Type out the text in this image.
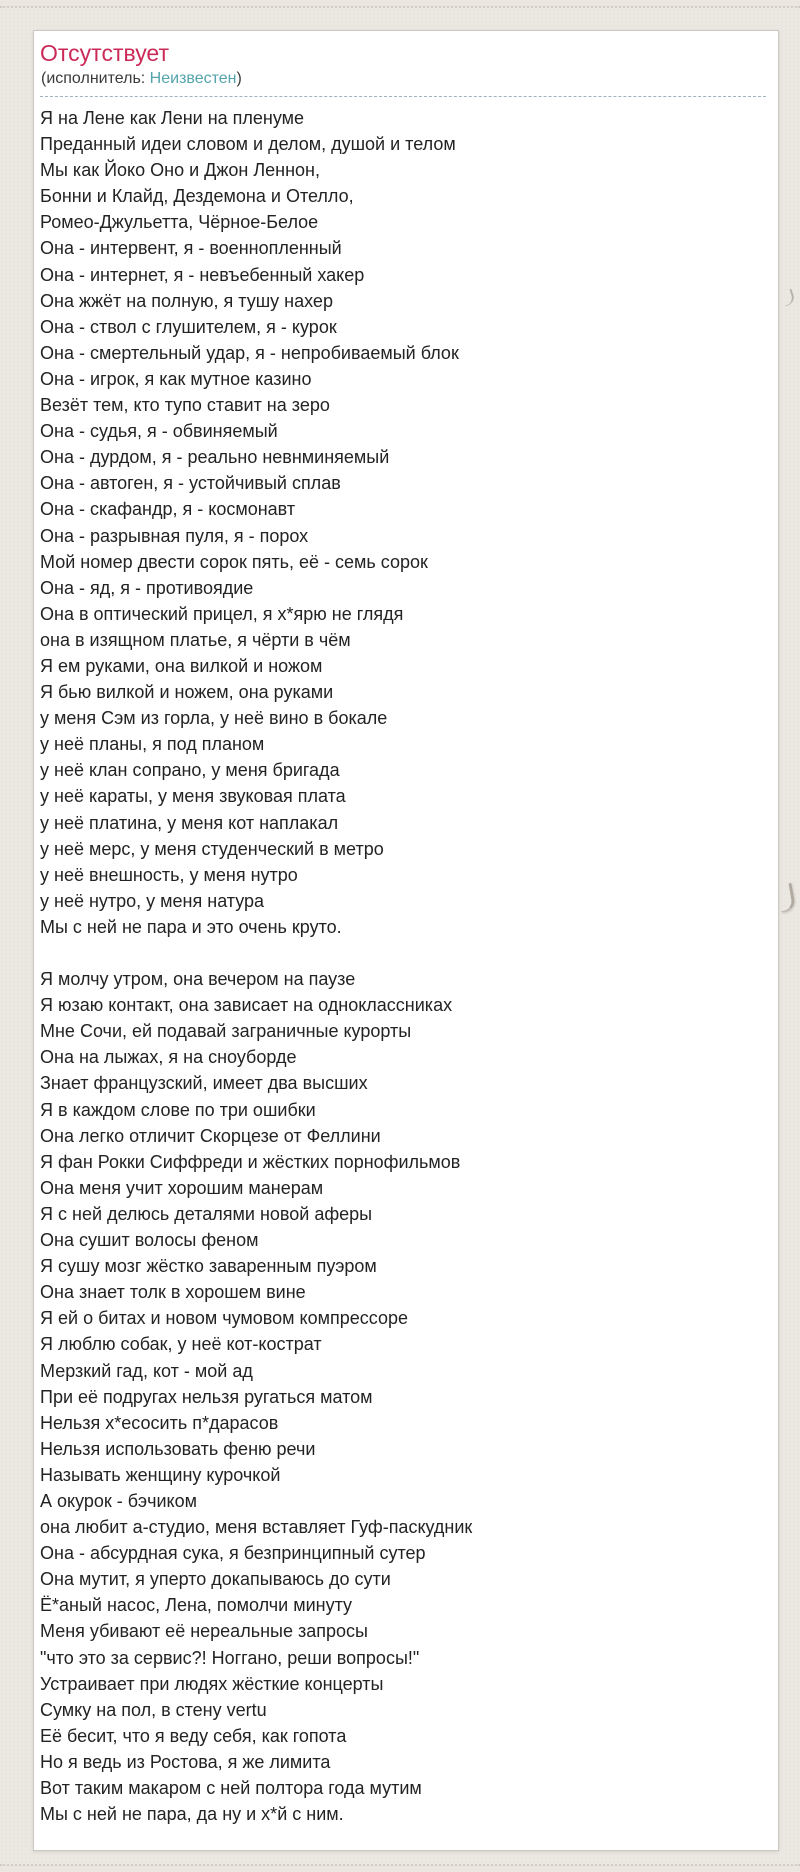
Отсутствует
(исполнитель: Неизвестен)
Я на Лене как Лени на пленуме
Преданный идеи словом и делом, душой и телом
Мы как Йоко Оно и Джон Леннон,
Бонни и Клайд, Дездемона и Отелло,
Ромео-Джульетта, Чёрное-Белое
Она - интервент, я - военнопленный
Она - интернет, я - невъебенный хакер
Она жжёт на полную, я тушу нахер
Она - ствол с глушителем, я - курок
Она - смертельный удар, я - непробиваемый блок
Она - игрок, я как мутное казино
Везёт тем, кто тупо ставит на зеро
Она - судья, я - обвиняемый
Она - дурдом, я - реально невнминяемый
Она - автоген, я - устойчивый сплав
Она - скафандр, я - космонавт
Она - разрывная пуля, я - порох
Мой номер двести сорок пять, её - семь сорок
Она - яд, я - противоядие
Она в оптический прицел, я х*ярю не глядя
она в изящном платье, я чёрти в чём
Я ем руками, она вилкой и ножом
Я бью вилкой и ножем, она руками
у меня Сэм из горла, у неё вино в бокале
у неё планы, я под планом
у неё клан сопрано, у меня бригада
у неё караты, у меня звуковая плата
у неё платина, у меня кот наплакал
у неё мерс, у меня студенческий в метро
у неё внешность, у меня нутро
у неё нутро, у меня натура
Мы с ней не пара и это очень круто.

Я молчу утром, она вечером на паузе
Я юзаю контакт, она зависает на одноклассниках
Мне Сочи, ей подавай заграничные курорты
Она на лыжах, я на сноуборде
Знает французский, имеет два высших
Я в каждом слове по три ошибки
Она легко отличит Скорцезе от Феллини
Я фан Рокки Сиффреди и жёстких порнофильмов
Она меня учит хорошим манерам
Я с ней делюсь деталями новой аферы
Она сушит волосы феном
Я сушу мозг жёстко заваренным пуэром
Она знает толк в хорошем вине
Я ей о битах и новом чумовом компрессоре
Я люблю собак, у неё кот-кострат
Мерзкий гад, кот - мой ад
При её подругах нельзя ругаться матом
Нельзя х*есосить п*дарасов
Нельзя использовать феню речи
Называть женщину курочкой
А окурок - бэчиком
она любит а-студио, меня вставляет Гуф-паскудник
Она - абсурдная сука, я безпринципный сутер
Она мутит, я уперто докапываюсь до сути
Ё*аный насос, Лена, помолчи минуту
Меня убивают её нереальные запросы
"что это за сервис?! Ноггано, реши вопросы!"
Устраивает при людях жёсткие концерты
Сумку на пол, в стену vertu
Её бесит, что я веду себя, как гопота
Но я ведь из Ростова, я же лимита
Вот таким макаром с ней полтора года мутим
Мы с ней не пара, да ну и х*й с ним.
